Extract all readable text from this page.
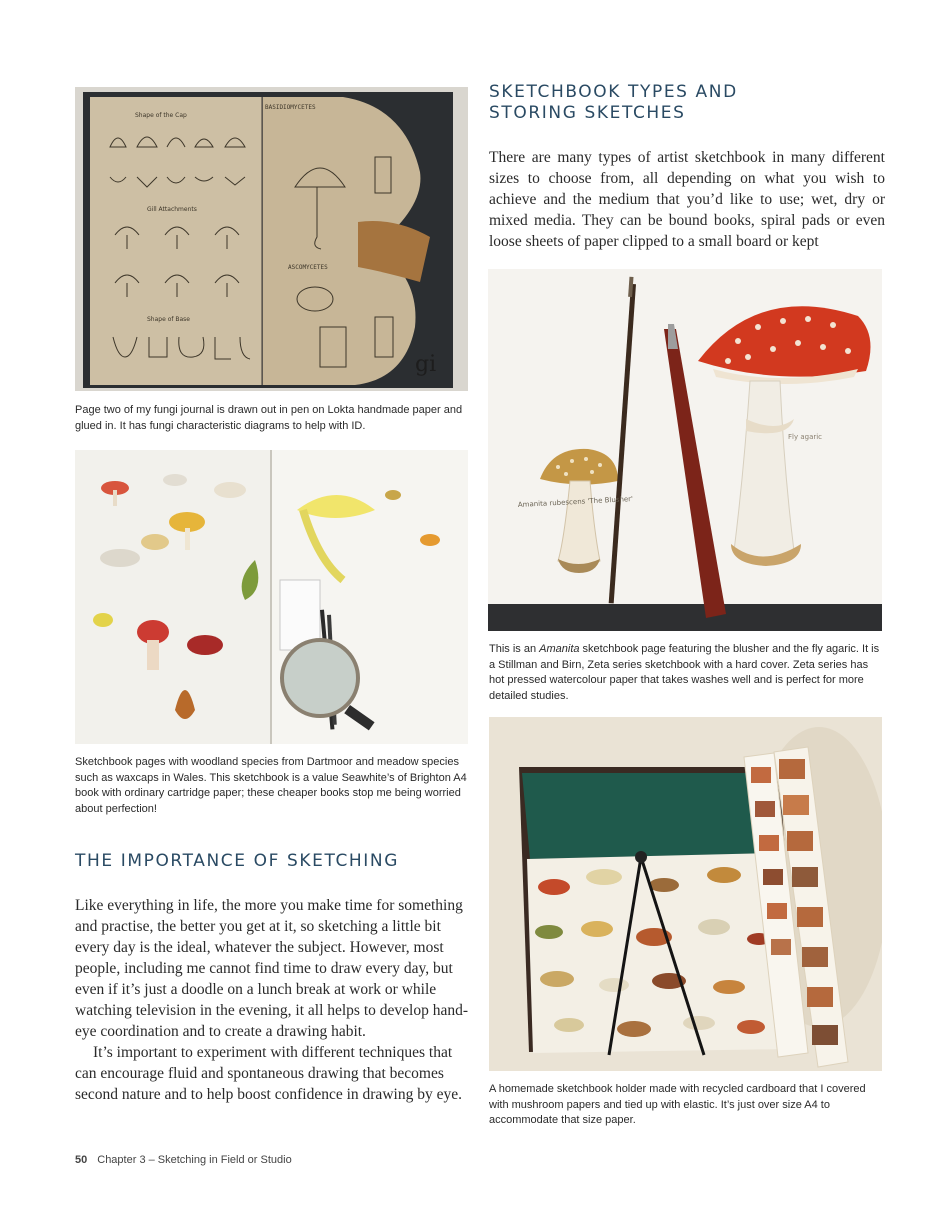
BASIDIOMYCETES
Shape of the Cap
Gill Attachments
Shape of Base
ASCOMYCETES
gi
Page two of my fungi journal is drawn out in pen on Lokta handmade paper and glued in. It has fungi characteristic diagrams to help with ID.
Sketchbook pages with woodland species from Dartmoor and meadow species such as waxcaps in Wales. This sketchbook is a value Seawhite’s of Brighton A4 book with ordinary cartridge paper; these cheaper books stop me being worried about perfection!
THE IMPORTANCE OF SKETCHING

Like everything in life, the more you make time for something and practise, the better you get at it, so sketching a little bit every day is the ideal, whatever the subject. However, most people, including me cannot find time to draw every day, but even if it’s just a doodle on a lunch break at work or while watching television in the evening, it all helps to develop hand-eye coordination and to create a drawing habit.

It’s important to experiment with different techniques that can encourage fluid and spontaneous drawing that becomes second nature and to help boost confidence in drawing by eye.

50 Chapter 3 – Sketching in Field or Studio
SKETCHBOOK TYPES AND
STORING SKETCHES

There are many types of artist sketchbook in many different sizes to choose from, all depending on what you wish to achieve and the medium that you’d like to use; wet, dry or mixed media. They can be bound books, spiral pads or even loose sheets of paper clipped to a small board or kept

Amanita rubescens 'The Blusher'
Fly agaric
This is an Amanita sketchbook page featuring the blusher and the fly agaric. It is a Stillman and Birn, Zeta series sketchbook with a hard cover. Zeta series has hot pressed watercolour paper that takes washes well and is perfect for more detailed studies.
A homemade sketchbook holder made with recycled cardboard that I covered with mushroom papers and tied up with elastic. It’s just over size A4 to accommodate that size paper.
